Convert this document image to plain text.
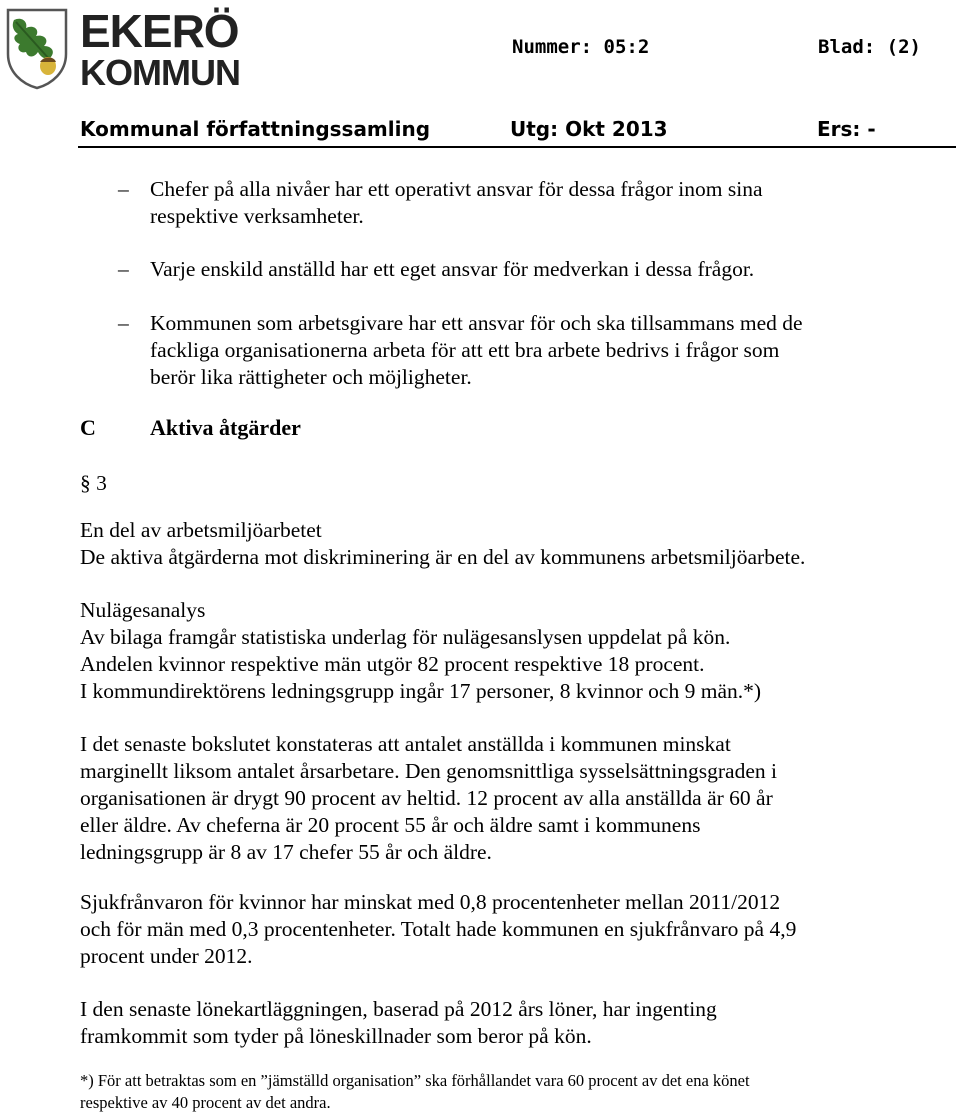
EKERÖ
KOMMUN
Nummer: 05:2	Blad: (2)
Kommunal författningssamling	Utg: Okt 2013	Ers: -
– Chefer på alla nivåer har ett operativt ansvar för dessa frågor inom sina
respektive verksamheter.

– Varje enskild anställd har ett eget ansvar för medverkan i dessa frågor.

– Kommunen som arbetsgivare har ett ansvar för och ska tillsammans med de
fackliga organisationerna arbeta för att ett bra arbete bedrivs i frågor som
berör lika rättigheter och möjligheter.

C Aktiva åtgärder
§ 3

En del av arbetsmiljöarbetet
De aktiva åtgärderna mot diskriminering är en del av kommunens arbetsmiljöarbete.

Nulägesanalys
Av bilaga framgår statistiska underlag för nulägesanslysen uppdelat på kön.
Andelen kvinnor respektive män utgör 82 procent respektive 18 procent.
I kommundirektörens ledningsgrupp ingår 17 personer, 8 kvinnor och 9 män.*)

I det senaste bokslutet konstateras att antalet anställda i kommunen minskat
marginellt liksom antalet årsarbetare. Den genomsnittliga sysselsättningsgraden i
organisationen är drygt 90 procent av heltid. 12 procent av alla anställda är 60 år
eller äldre. Av cheferna är 20 procent 55 år och äldre samt i kommunens
ledningsgrupp är 8 av 17 chefer 55 år och äldre.

Sjukfrånvaron för kvinnor har minskat med 0,8 procentenheter mellan 2011/2012
och för män med 0,3 procentenheter. Totalt hade kommunen en sjukfrånvaro på 4,9
procent under 2012.

I den senaste lönekartläggningen, baserad på 2012 års löner, har ingenting
framkommit som tyder på löneskillnader som beror på kön.

*) För att betraktas som en ”jämställd organisation” ska förhållandet vara 60 procent av det ena könet
respektive av 40 procent av det andra.
